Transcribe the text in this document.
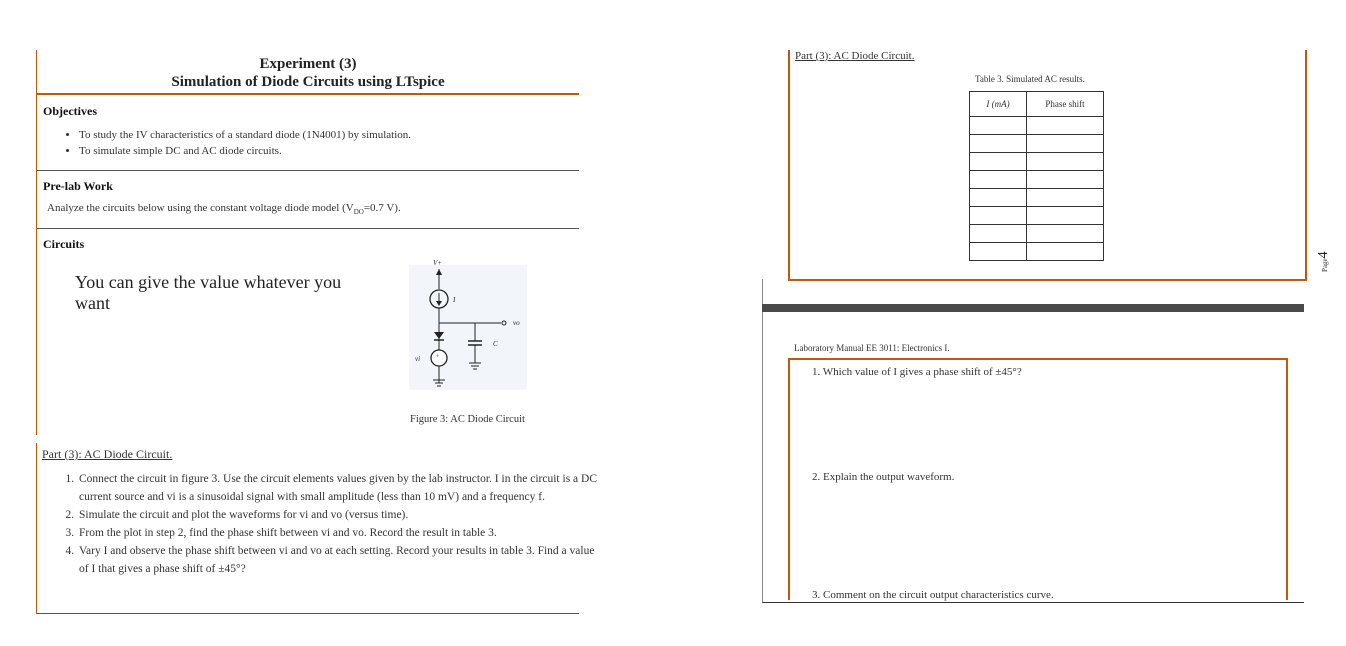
Experiment (3)
Simulation of Diode Circuits using LTspice
Objectives
• To study the IV characteristics of a standard diode (1N4001) by simulation.
• To simulate simple DC and AC diode circuits.
Pre-lab Work
Analyze the circuits below using the constant voltage diode model ($V_{DO}=0.7$ V).
Circuits
V+
I
vo
C
+
vi
Figure 3: AC Diode Circuit
You can give the value whatever you want
Part (3): AC Diode Circuit.
1. Connect the circuit in figure 3. Use the circuit elements values given by the lab instructor. I in the circuit is a DC current source and vi is a sinusoidal signal with small amplitude (less than 10 mV) and a frequency f.
2. Simulate the circuit and plot the waveforms for vi and vo (versus time).
3. From the plot in step 2, find the phase shift between vi and vo. Record the result in table 3.
4. Vary I and observe the phase shift between vi and vo at each setting. Record your results in table 3. Find a value of I that gives a phase shift of ±45°?
Part (3): AC Diode Circuit.
Table 3. Simulated AC results.
I (mA)	Phase shift

Page4
Laboratory Manual EE 3011: Electronics I.
1. Which value of I gives a phase shift of ±45°?
2. Explain the output waveform.
3. Comment on the circuit output characteristics curve.
